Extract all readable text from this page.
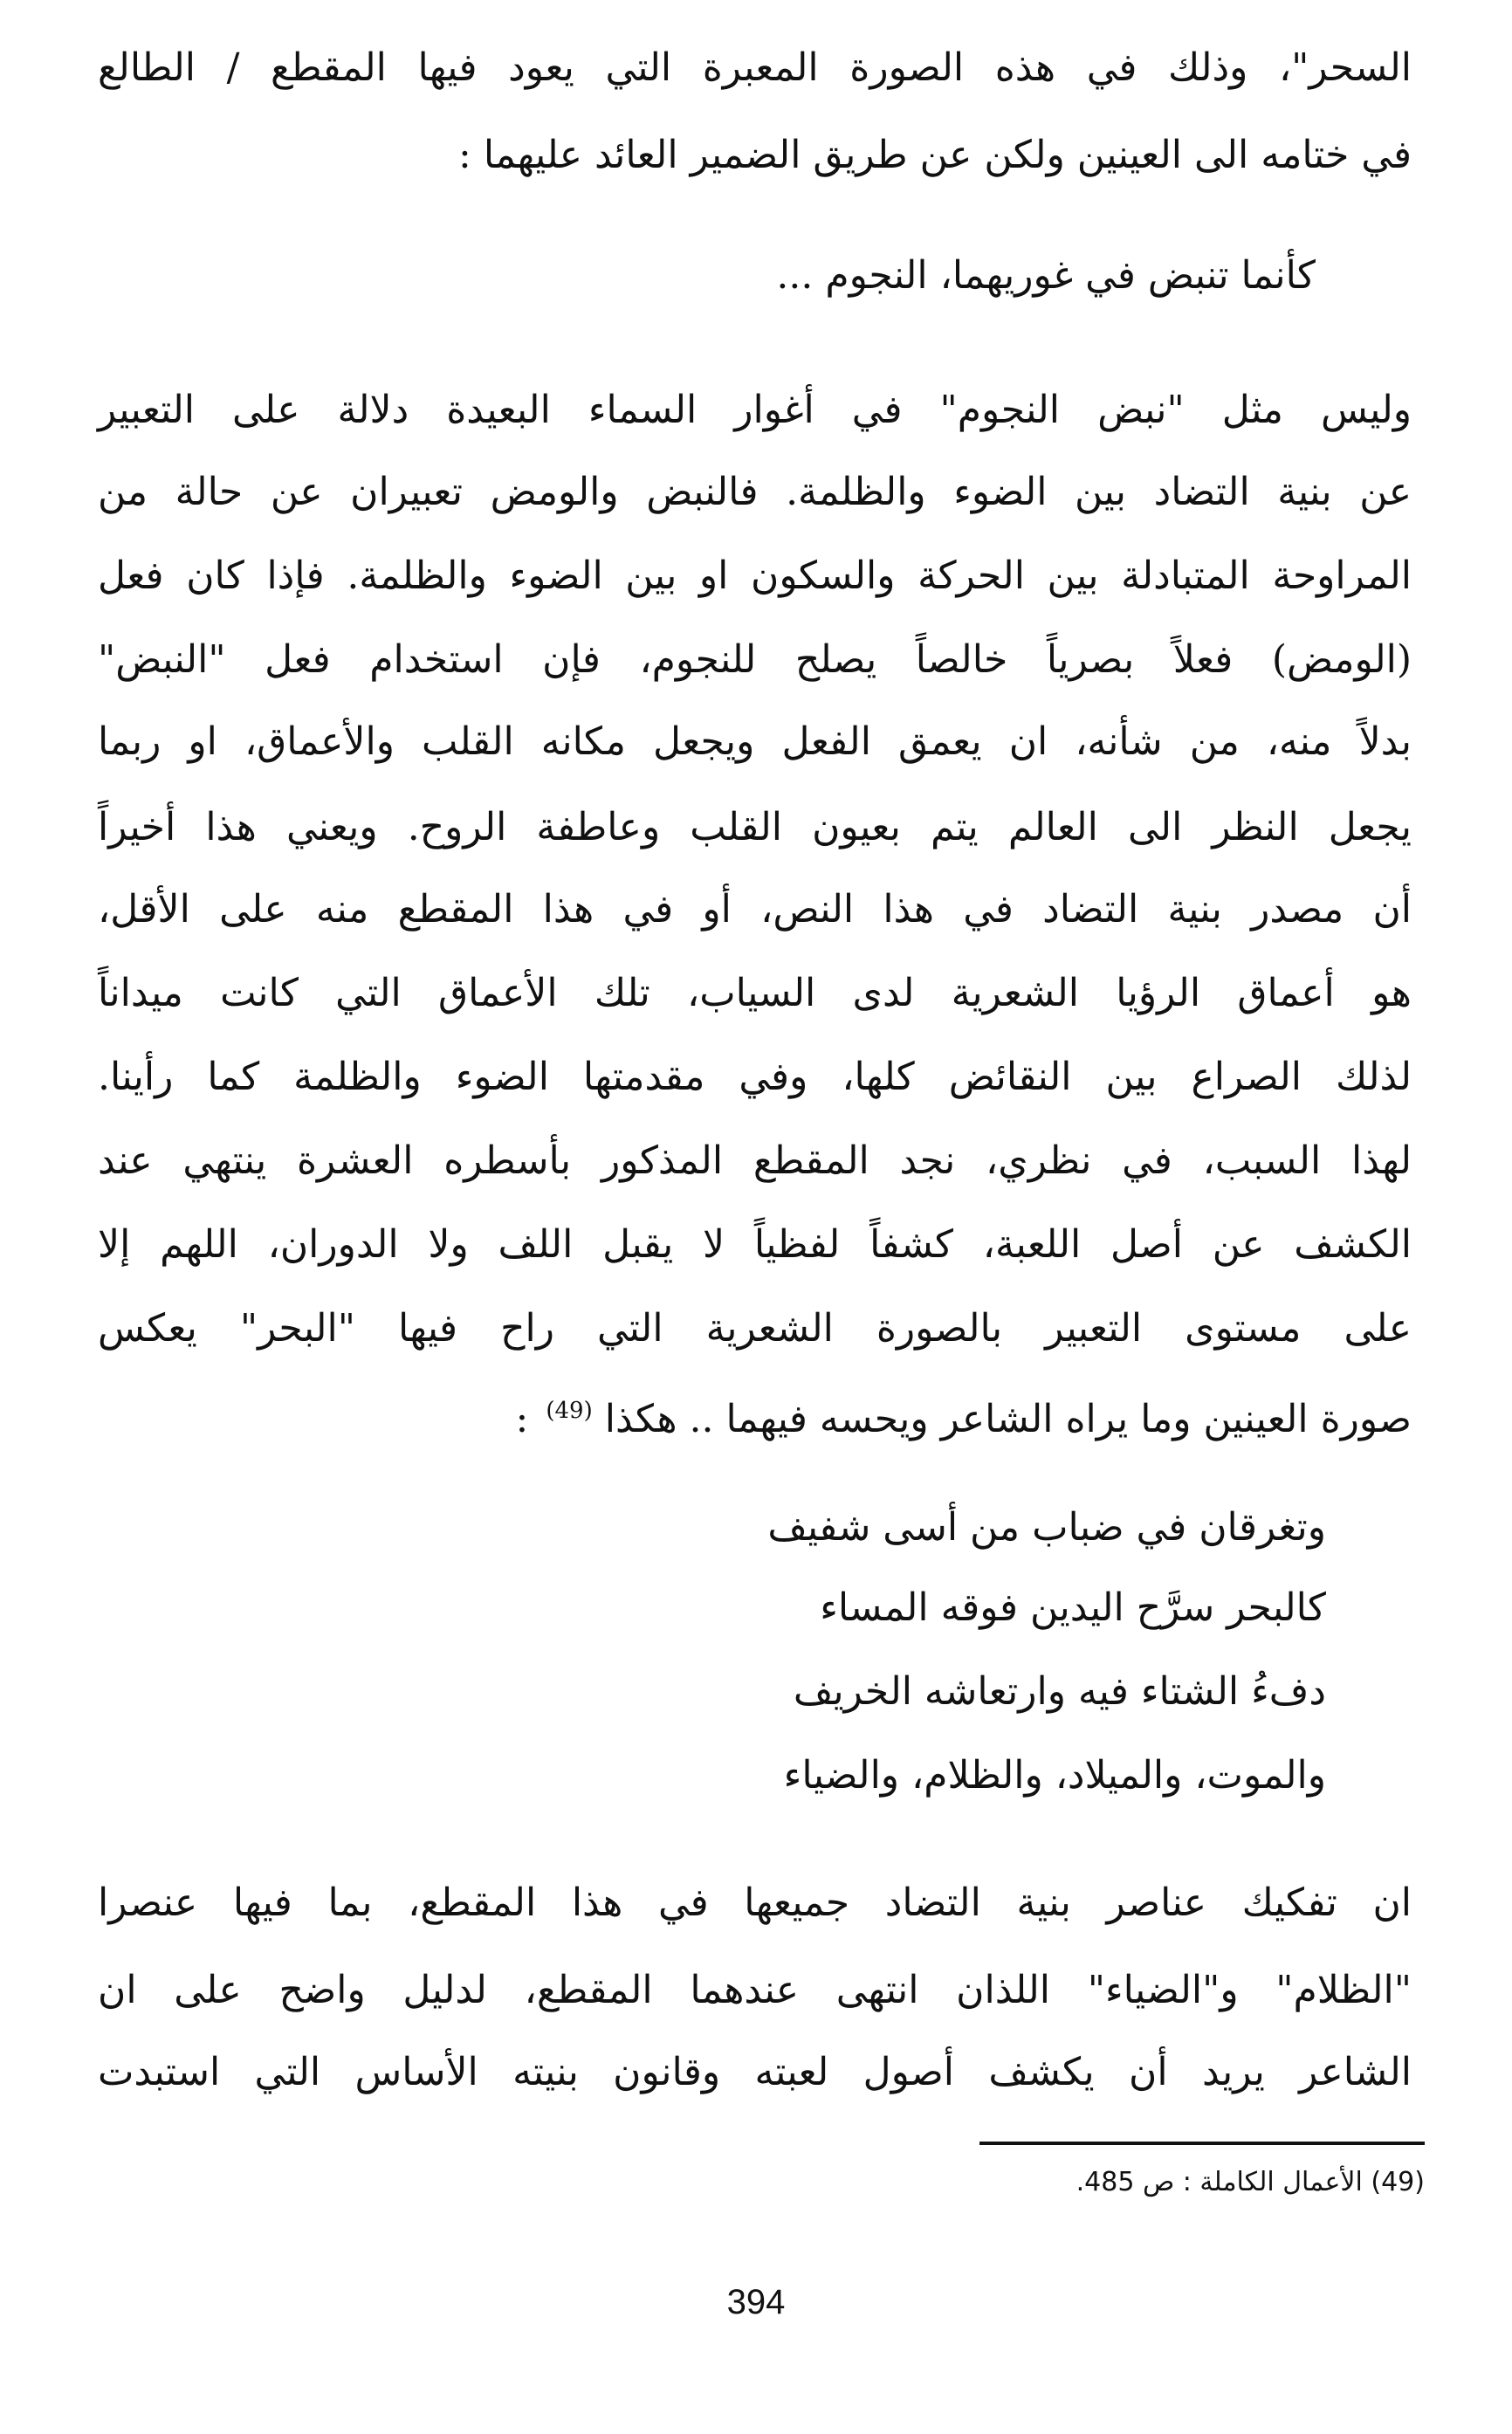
السحر"، وذلك في هذه الصورة المعبرة التي يعود فيها المقطع / الطالع
في ختامه الى العينين ولكن عن طريق الضمير العائد عليهما :
كأنما تنبض في غوريهما، النجوم ...
وليس مثل "نبض النجوم" في أغوار السماء البعيدة دلالة على التعبير
عن بنية التضاد بين الضوء والظلمة. فالنبض والومض تعبيران عن حالة من
المراوحة المتبادلة بين الحركة والسكون او بين الضوء والظلمة. فإذا كان فعل
(الومض) فعلاً بصرياً خالصاً يصلح للنجوم، فإن استخدام فعل "النبض"
بدلاً منه، من شأنه، ان يعمق الفعل ويجعل مكانه القلب والأعماق، او ربما
يجعل النظر الى العالم يتم بعيون القلب وعاطفة الروح. ويعني هذا أخيراً
أن مصدر بنية التضاد في هذا النص، أو في هذا المقطع منه على الأقل،
هو أعماق الرؤيا الشعرية لدى السياب، تلك الأعماق التي كانت ميداناً
لذلك الصراع بين النقائض كلها، وفي مقدمتها الضوء والظلمة كما رأينا.
لهذا السبب، في نظري، نجد المقطع المذكور بأسطره العشرة ينتهي عند
الكشف عن أصل اللعبة، كشفاً لفظياً لا يقبل اللف ولا الدوران، اللهم إلا
على مستوى التعبير بالصورة الشعرية التي راح فيها "البحر" يعكس
صورة العينين وما يراه الشاعر ويحسه فيهما .. هكذا $^{(49)}$ :
وتغرقان في ضباب من أسى شفيف
كالبحر سرَّح اليدين فوقه المساء
دفءُ الشتاء فيه وارتعاشه الخريف
والموت، والميلاد، والظلام، والضياء
ان تفكيك عناصر بنية التضاد جميعها في هذا المقطع، بما فيها عنصرا
"الظلام" و"الضياء" اللذان انتهى عندهما المقطع، لدليل واضح على ان
الشاعر يريد أن يكشف أصول لعبته وقانون بنيته الأساس التي استبدت
(49) الأعمال الكاملة : ص 485.
394
